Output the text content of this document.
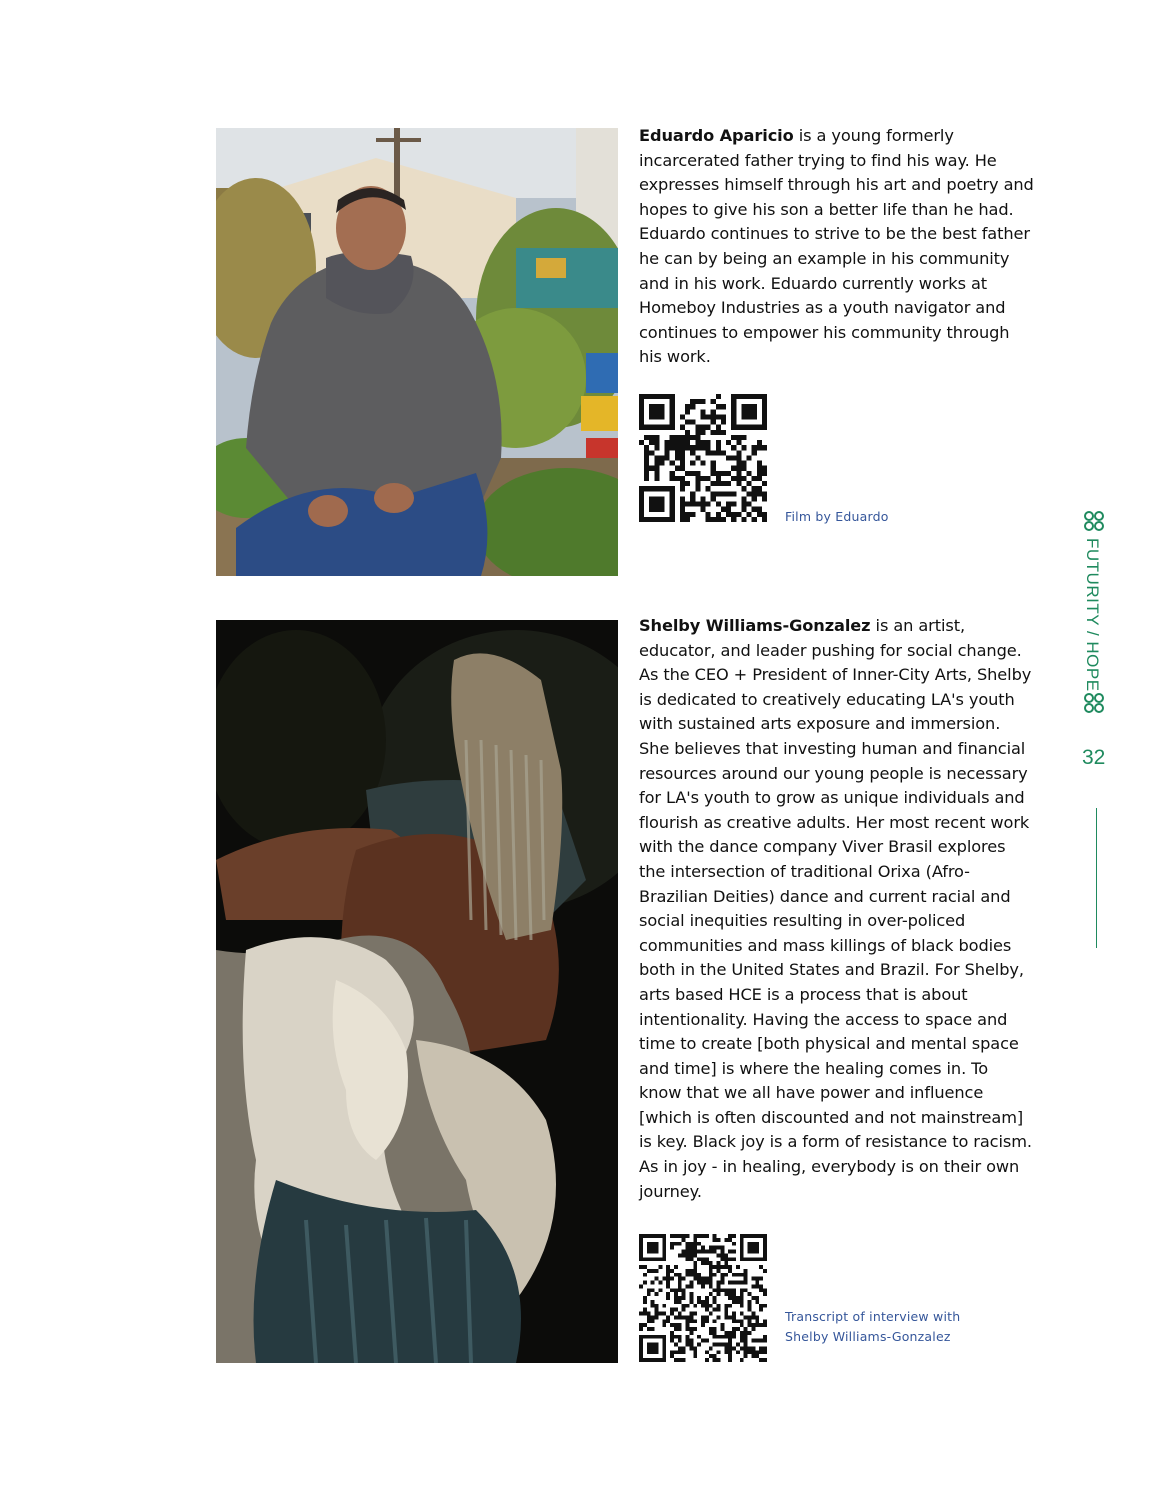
Eduardo Aparicio is a young formerly incarcerated father trying to find his way. He expresses himself through his art and poetry and hopes to give his son a better life than he had. Eduardo continues to strive to be the best father he can by being an example in his community and in his work. Eduardo currently works at Homeboy Industries as a youth navigator and continues to empower his community through his work.

Film by Eduardo

Shelby Williams-Gonzalez is an artist, educator, and leader pushing for social change. As the CEO + President of Inner-City Arts, Shelby is dedicated to creatively educating LA's youth with sustained arts exposure and immersion. She believes that investing human and financial resources around our young people is necessary for LA's youth to grow as unique individuals and flourish as creative adults. Her most recent work with the dance company Viver Brasil explores the intersection of traditional Orixa (Afro-Brazilian Deities) dance and current racial and social inequities resulting in over-policed communities and mass killings of black bodies both in the United States and Brazil. For Shelby, arts based HCE is a process that is about intentionality. Having the access to space and time to create [both physical and mental space and time] is where the healing comes in. To know that we all have power and influence [which is often discounted and not mainstream] is key. Black joy is a form of resistance to racism. As in joy - in healing, everybody is on their own journey.

Transcript of interview with Shelby Williams-Gonzalez
FUTURITY / HOPE
32
